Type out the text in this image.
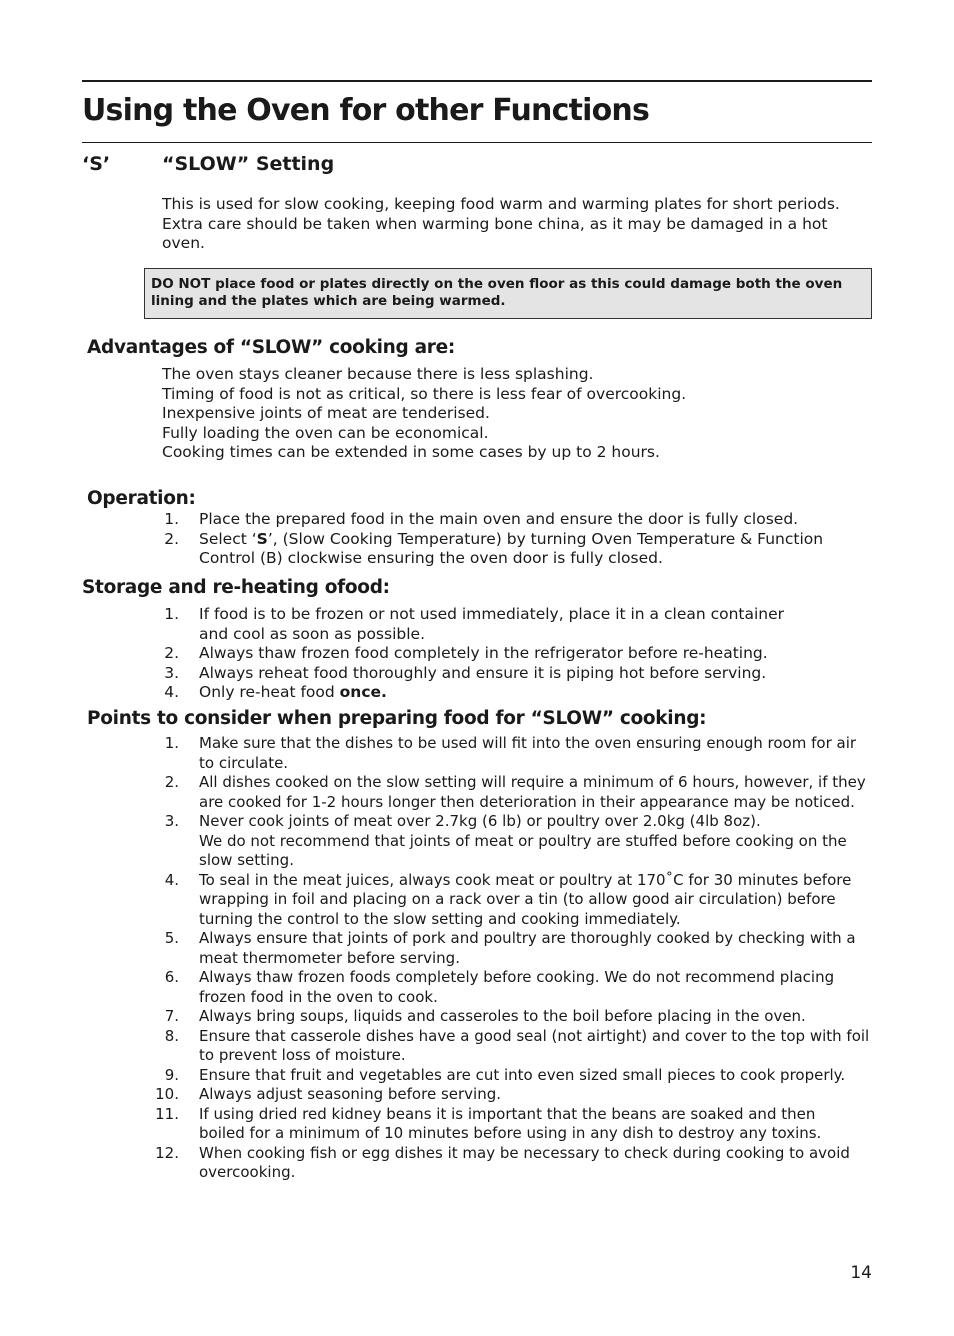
Using the Oven for other Functions
‘S’	“SLOW” Setting

This is used for slow cooking, keeping food warm and warming plates for short periods.
Extra care should be taken when warming bone china, as it may be damaged in a hot
oven.

DO NOT place food or plates directly on the oven floor as this could damage both the oven
lining and the plates which are being warmed.
Advantages of “SLOW” cooking are:
The oven stays cleaner because there is less splashing.
Timing of food is not as critical, so there is less fear of overcooking.
Inexpensive joints of meat are tenderised.
Fully loading the oven can be economical.
Cooking times can be extended in some cases by up to 2 hours.
Operation:
1. Place the prepared food in the main oven and ensure the door is fully closed.
2. Select ‘S’, (Slow Cooking Temperature) by turning Oven Temperature & Function
Control (B) clockwise ensuring the oven door is fully closed.
Storage and re-heating ofood:
1. If food is to be frozen or not used immediately, place it in a clean container
and cool as soon as possible.
2. Always thaw frozen food completely in the refrigerator before re-heating.
3. Always reheat food thoroughly and ensure it is piping hot before serving.
4. Only re-heat food once.
Points to consider when preparing food for “SLOW” cooking:
1. Make sure that the dishes to be used will fit into the oven ensuring enough room for air
to circulate.
2. All dishes cooked on the slow setting will require a minimum of 6 hours, however, if they
are cooked for 1-2 hours longer then deterioration in their appearance may be noticed.
3. Never cook joints of meat over 2.7kg (6 lb) or poultry over 2.0kg (4lb 8oz).
We do not recommend that joints of meat or poultry are stuffed before cooking on the
slow setting.
4. To seal in the meat juices, always cook meat or poultry at 170˚C for 30 minutes before
wrapping in foil and placing on a rack over a tin (to allow good air circulation) before
turning the control to the slow setting and cooking immediately.
5. Always ensure that joints of pork and poultry are thoroughly cooked by checking with a
meat thermometer before serving.
6. Always thaw frozen foods completely before cooking. We do not recommend placing
frozen food in the oven to cook.
7. Always bring soups, liquids and casseroles to the boil before placing in the oven.
8. Ensure that casserole dishes have a good seal (not airtight) and cover to the top with foil
to prevent loss of moisture.
9. Ensure that fruit and vegetables are cut into even sized small pieces to cook properly.
10. Always adjust seasoning before serving.
11. If using dried red kidney beans it is important that the beans are soaked and then
boiled for a minimum of 10 minutes before using in any dish to destroy any toxins.
12. When cooking fish or egg dishes it may be necessary to check during cooking to avoid
overcooking.
14
